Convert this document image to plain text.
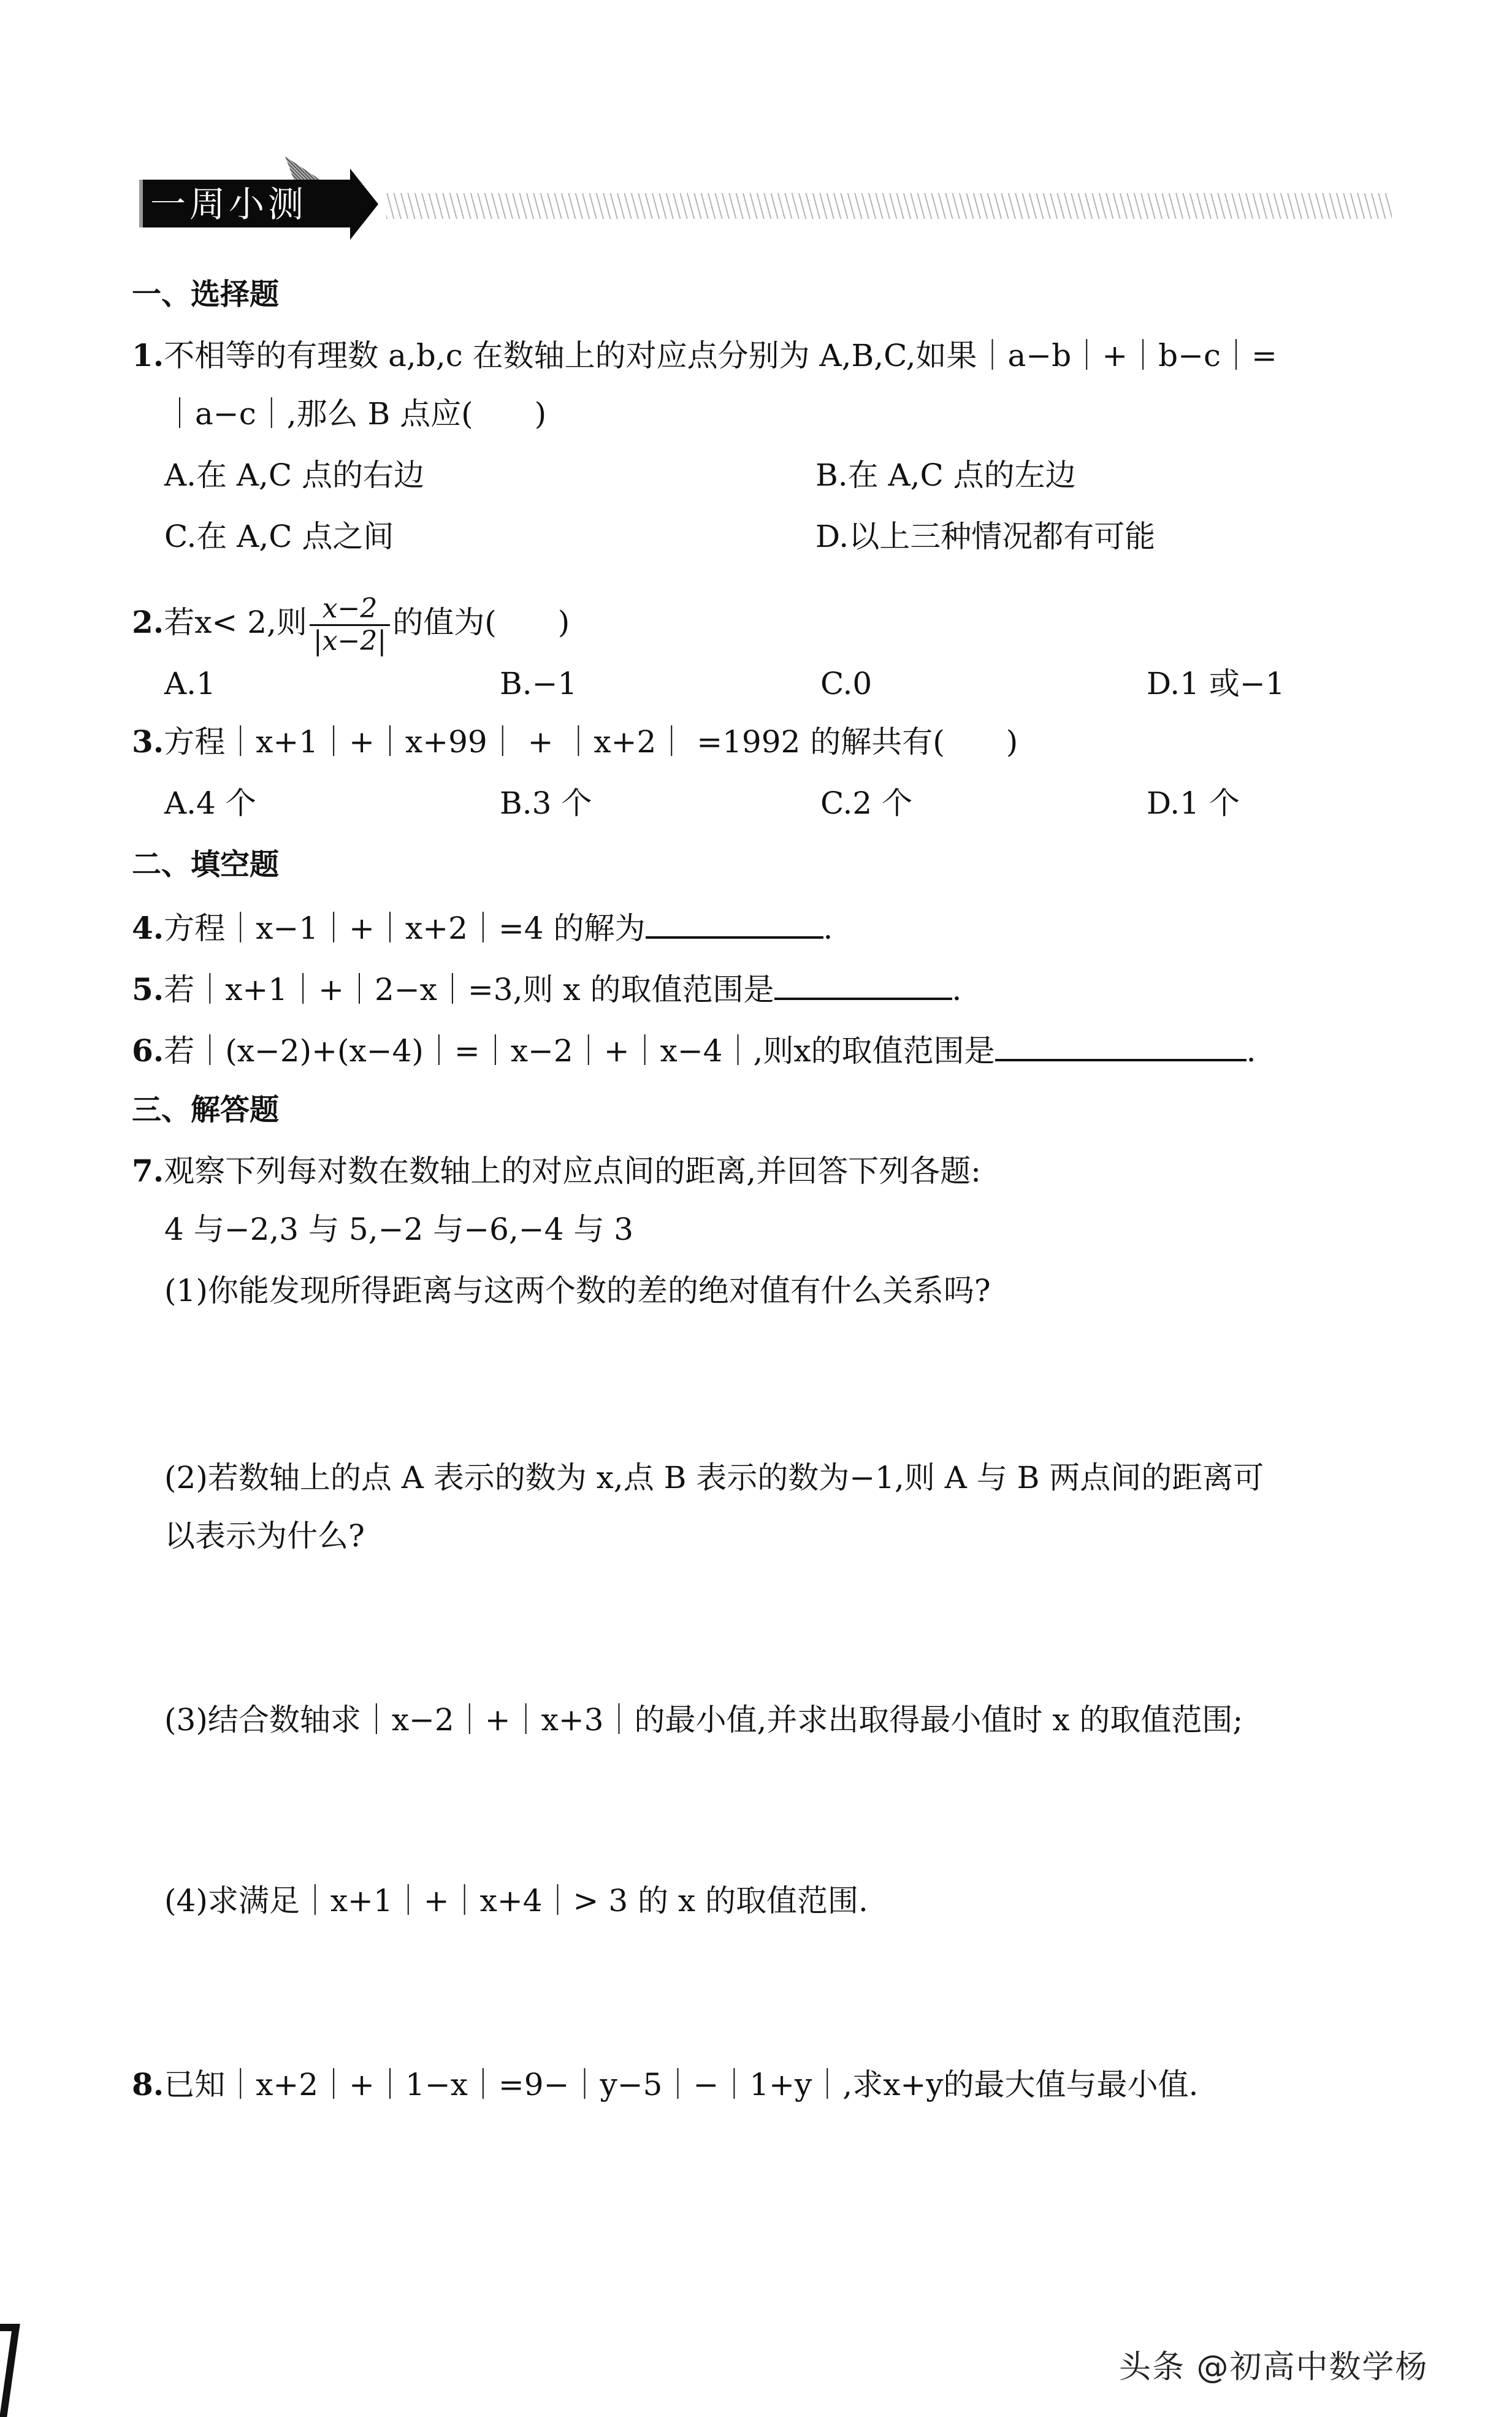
一周小测
一、选择题
1.不相等的有理数 a,b,c 在数轴上的对应点分别为 A,B,C,如果｜a−b｜+｜b−c｜=
｜a−c｜,那么 B 点应(　　)
A.在 A,C 点的右边	B.在 A,C 点的左边
C.在 A,C 点之间	D.以上三种情况都有可能
2.若x< 2,则 $\frac{x-2}{|x-2|}$ 的值为(　　)
A.1	B.−1	C.0	D.1 或−1
3.方程｜x+1｜+｜x+99｜ + ｜x+2｜ =1992 的解共有(　　)
A.4 个	B.3 个	C.2 个	D.1 个
二、填空题
4.方程｜x−1｜+｜x+2｜=4 的解为	.
5.若｜x+1｜+｜2−x｜=3,则 x 的取值范围是	.
6.若｜(x−2)+(x−4)｜=｜x−2｜+｜x−4｜,则x的取值范围是	.
三、解答题
7.观察下列每对数在数轴上的对应点间的距离,并回答下列各题:
4 与−2,3 与 5,−2 与−6,−4 与 3
(1)你能发现所得距离与这两个数的差的绝对值有什么关系吗?
(2)若数轴上的点 A 表示的数为 x,点 B 表示的数为−1,则 A 与 B 两点间的距离可
以表示为什么?
(3)结合数轴求｜x−2｜+｜x+3｜的最小值,并求出取得最小值时 x 的取值范围;
(4)求满足｜x+1｜+｜x+4｜> 3 的 x 的取值范围.
8.已知｜x+2｜+｜1−x｜=9−｜y−5｜−｜1+y｜,求x+y的最大值与最小值.
头条 @初高中数学杨
